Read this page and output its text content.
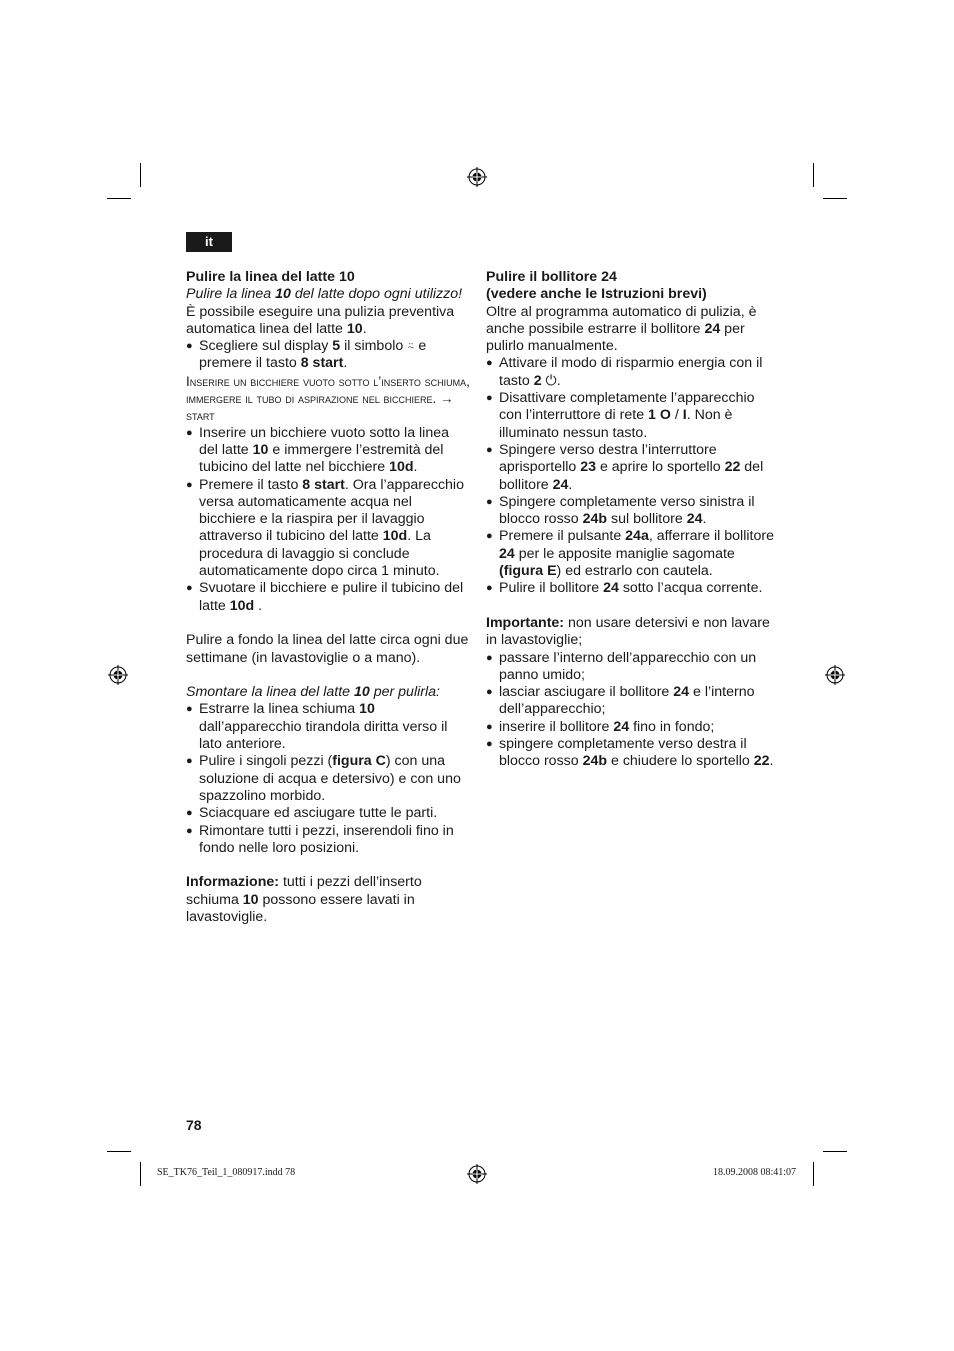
it

Pulire la linea del latte 10

Pulire la linea 10 del latte dopo ogni utilizzo!

È possibile eseguire una pulizia preventiva automatica linea del latte 10.

● Scegliere sul display 5 il simbolo ⍨ e premere il tasto 8 start.

Inserire un bicchiere vuoto sotto l’inserto schiuma, immergere il tubo di aspirazione nel bicchiere. → start

● Inserire un bicchiere vuoto sotto la linea del latte 10 e immergere l’estremità del tubicino del latte nel bicchiere 10d.

● Premere il tasto 8 start. Ora l’apparecchio versa automaticamente acqua nel bicchiere e la riaspira per il lavaggio attraverso il tubicino del latte 10d. La procedura di lavaggio si conclude automaticamente dopo circa 1 minuto.

● Svuotare il bicchiere e pulire il tubicino del latte 10d .

Pulire a fondo la linea del latte circa ogni due settimane (in lavastoviglie o a mano).

Smontare la linea del latte 10 per pulirla:

● Estrarre la linea schiuma 10 dall’apparecchio tirandola diritta verso il lato anteriore.

● Pulire i singoli pezzi (figura C) con una soluzione di acqua e detersivo) e con uno spazzolino morbido.

● Sciacquare ed asciugare tutte le parti.

● Rimontare tutti i pezzi, inserendoli fino in fondo nelle loro posizioni.

Informazione: tutti i pezzi dell’inserto schiuma 10 possono essere lavati in lavastoviglie.

Pulire il bollitore 24

(vedere anche le Istruzioni brevi)

Oltre al programma automatico di pulizia, è anche possibile estrarre il bollitore 24 per pulirlo manualmente.

● Attivare il modo di risparmio energia con il tasto 2 ⏻.

● Disattivare completamente l’apparecchio con l’interruttore di rete 1 O / I. Non è illuminato nessun tasto.

● Spingere verso destra l’interruttore aprisportello 23 e aprire lo sportello 22 del bollitore 24.

● Spingere completamente verso sinistra il blocco rosso 24b sul bollitore 24.

● Premere il pulsante 24a, afferrare il bollitore 24 per le apposite maniglie sagomate (figura E) ed estrarlo con cautela.

● Pulire il bollitore 24 sotto l’acqua corrente.

Importante: non usare detersivi e non lavare in lavastoviglie;

● passare l’interno dell’apparecchio con un panno umido;

● lasciar asciugare il bollitore 24 e l’interno dell’apparecchio;

● inserire il bollitore 24 fino in fondo;

● spingere completamente verso destra il blocco rosso 24b e chiudere lo sportello 22.

78
SE_TK76_Teil_1_080917.indd 78	18.09.2008 08:41:07
